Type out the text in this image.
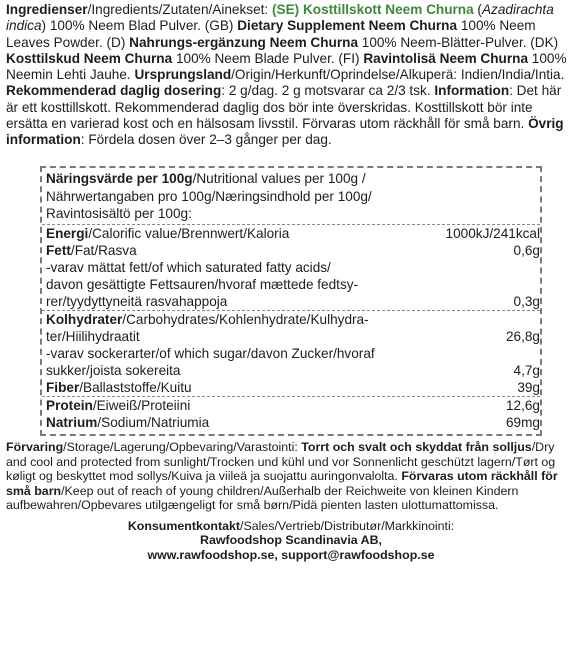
Ingredienser/Ingredients/Zutaten/Ainekset: (SE) Kosttillskott Neem Churna (Azadirachta indica) 100% Neem Blad Pulver. (GB) Dietary Supplement Neem Churna 100% Neem Leaves Powder. (D) Nahrungs-ergänzung Neem Churna 100% Neem-Blätter-Pulver. (DK) Kosttilskud Neem Churna 100% Neem Blade Pulver. (FI) Ravintolisä Neem Churna 100% Neemin Lehti Jauhe. Ursprungsland/Origin/Herkunft/Oprindelse/Alkuperä: Indien/India/Intia. Rekommenderad daglig dosering: 2 g/dag. 2 g motsvarar ca 2/3 tsk. Information: Det här är ett kosttillskott. Rekommenderad daglig dos bör inte överskridas. Kosttillskott bör inte ersätta en varierad kost och en hälsosam livsstil. Förvaras utom räckhåll för små barn. Övrig information: Fördela dosen över 2–3 gånger per dag.
Näringsvärde per 100g/Nutritional values per 100g / Nährwertangaben pro 100g/Næringsindhold per 100g/ Ravintosisältö per 100g:
Energi/Calorific value/Brennwert/Kaloria	1000kJ/241kcal
Fett/Fat/Rasva	0,6g
-varav mättat fett/of which saturated fatty acids/
davon gesättigte Fettsauren/hvoraf mættede fedtsy-
rer/tyydyttyneitä rasvahappoja	0,3g
Kolhydrater/Carbohydrates/Kohlenhydrate/Kulhydra-
ter/Hiilihydraatit	26,8g
-varav sockerarter/of which sugar/davon Zucker/hvoraf
sukker/joista sokereita	4,7g
Fiber/Ballaststoffe/Kuitu	39g
Protein/Eiweiß/Proteiini	12,6g
Natrium/Sodium/Natriumia	69mg
Förvaring/Storage/Lagerung/Opbevaring/Varastointi: Torrt och svalt och skyddat från solljus/Dry and cool and protected from sunlight/Trocken und kühl und vor Sonnenlicht geschützt lagern/Tørt og køligt og beskyttet mod sollys/Kuiva ja viileä ja suojattu auringonvalolta. Förvaras utom räckhåll för små barn/Keep out of reach of young children/Außerhalb der Reichweite von kleinen Kindern aufbewahren/Opbevares utilgængeligt for små børn/Pidä pienten lasten ulottumattomissa.
Konsumentkontakt/Sales/Vertrieb/Distributør/Markkinointi:
Rawfoodshop Scandinavia AB,
www.rawfoodshop.se, support@rawfoodshop.se
